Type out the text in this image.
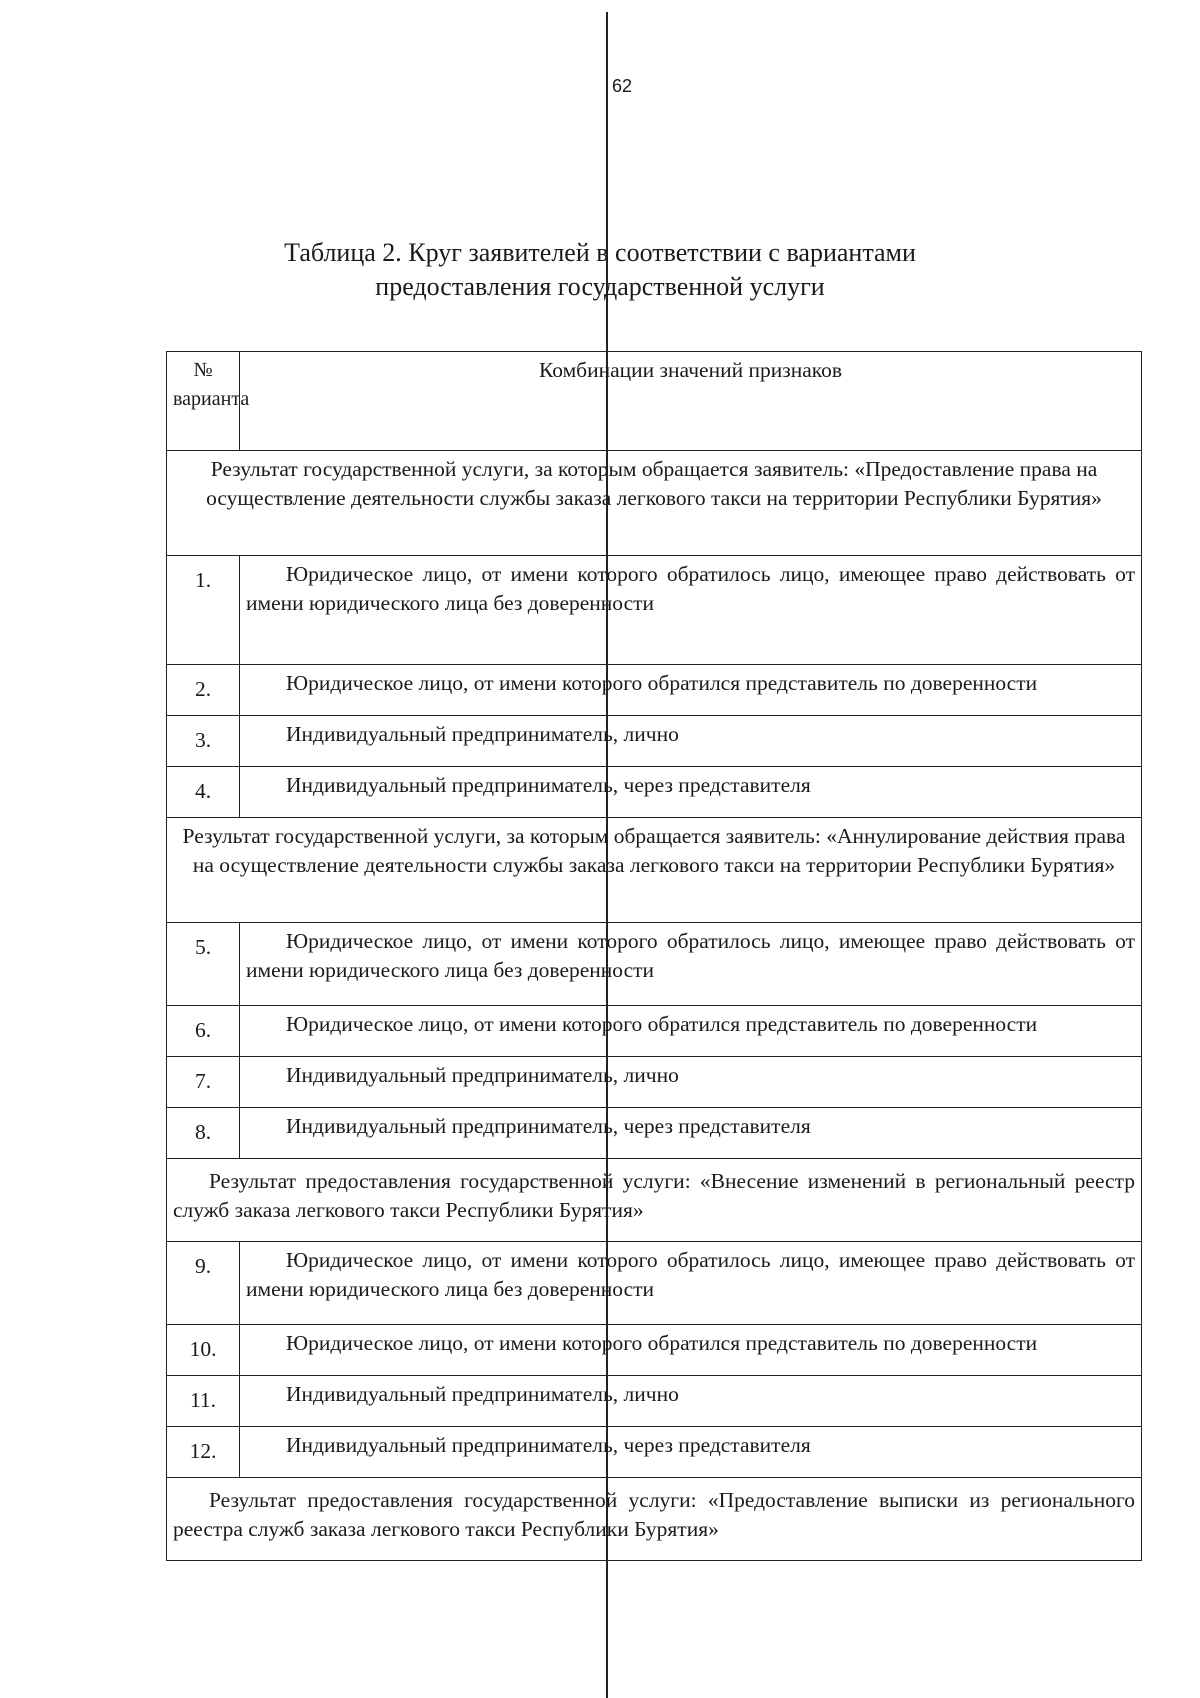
62
Таблица 2. Круг заявителей в соответствии с вариантами
предоставления государственной услуги
№ варианта	Комбинации значений признаков
Результат государственной услуги, за которым обращается заявитель: «Предоставление права на осуществление деятельности службы заказа легкового такси на территории Республики Бурятия»	
1.	Юридическое лицо, от имени которого обратилось лицо, имеющее право действовать от имени юридического лица без доверенности
2.	Юридическое лицо, от имени которого обратился представитель по доверенности
3.	Индивидуальный предприниматель, лично
4.	Индивидуальный предприниматель, через представителя
Результат государственной услуги, за которым обращается заявитель: «Аннулирование действия права на осуществление деятельности службы заказа легкового такси на территории Республики Бурятия»	
5.	Юридическое лицо, от имени которого обратилось лицо, имеющее право действовать от имени юридического лица без доверенности
6.	Юридическое лицо, от имени которого обратился представитель по доверенности
7.	Индивидуальный предприниматель, лично
8.	Индивидуальный предприниматель, через представителя
Результат предоставления государственной услуги: «Внесение изменений в региональный реестр служб заказа легкового такси Республики Бурятия»	
9.	Юридическое лицо, от имени которого обратилось лицо, имеющее право действовать от имени юридического лица без доверенности
10.	Юридическое лицо, от имени которого обратился представитель по доверенности
11.	Индивидуальный предприниматель, лично
12.	Индивидуальный предприниматель, через представителя
Результат предоставления государственной услуги: «Предоставление выписки из регионального реестра служб заказа легкового такси Республики Бурятия»	
